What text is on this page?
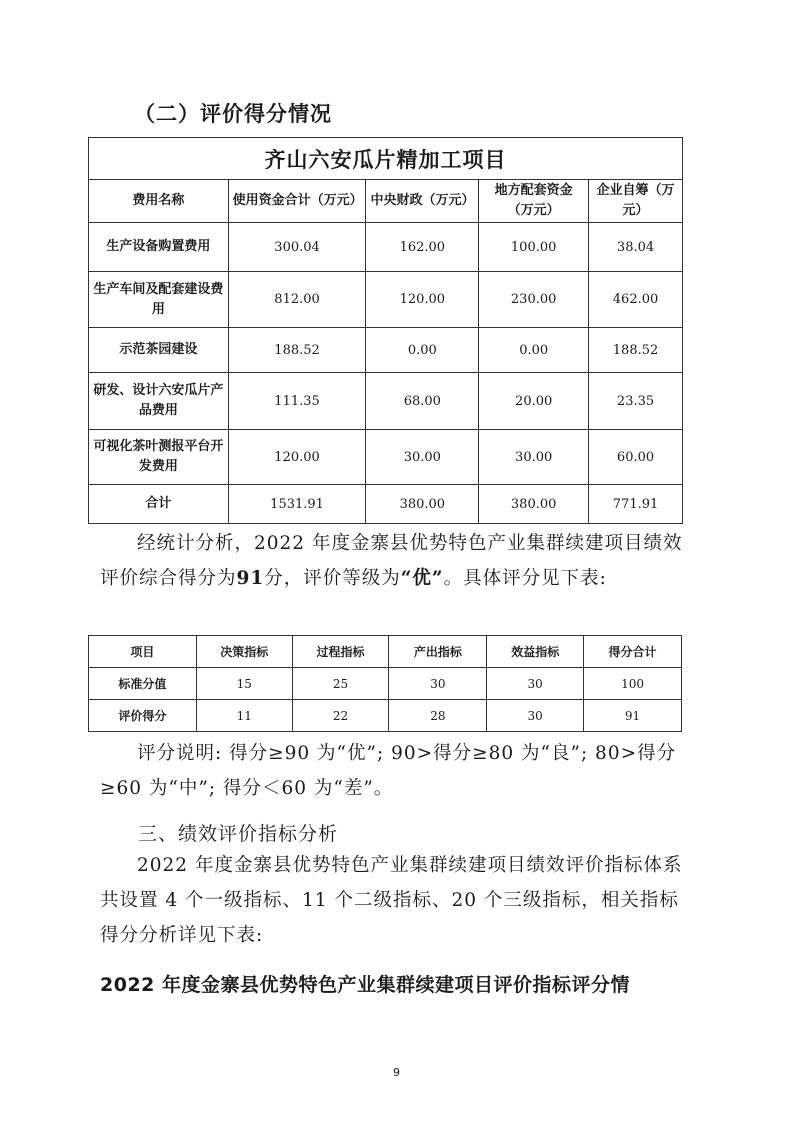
（二）评价得分情况
齐山六安瓜片精加工项目				
费用名称	使用资金合计（万元）	中央财政（万元）	地方配套资金（万元）	企业自筹（万元）
生产设备购置费用	300.04	162.00	100.00	38.04
生产车间及配套建设费用	812.00	120.00	230.00	462.00
示范茶园建设	188.52	0.00	0.00	188.52
研发、设计六安瓜片产品费用	111.35	68.00	20.00	23.35
可视化茶叶测报平台开发费用	120.00	30.00	30.00	60.00
合计	1531.91	380.00	380.00	771.91

经统计分析，2022 年度金寨县优势特色产业集群续建项目绩效评价综合得分为91分，评价等级为“优”。具体评分见下表:

项目	决策指标	过程指标	产出指标	效益指标	得分合计
标准分值	15	25	30	30	100
评价得分	11	22	28	30	91

评分说明: 得分≥90 为“优”; 90>得分≥80 为“良”; 80>得分≥60 为“中”; 得分＜60 为“差”。

三、绩效评价指标分析

2022 年度金寨县优势特色产业集群续建项目绩效评价指标体系共设置 4 个一级指标、11 个二级指标、20 个三级指标，相关指标得分分析详见下表:

2022 年度金寨县优势特色产业集群续建项目评价指标评分情
9
